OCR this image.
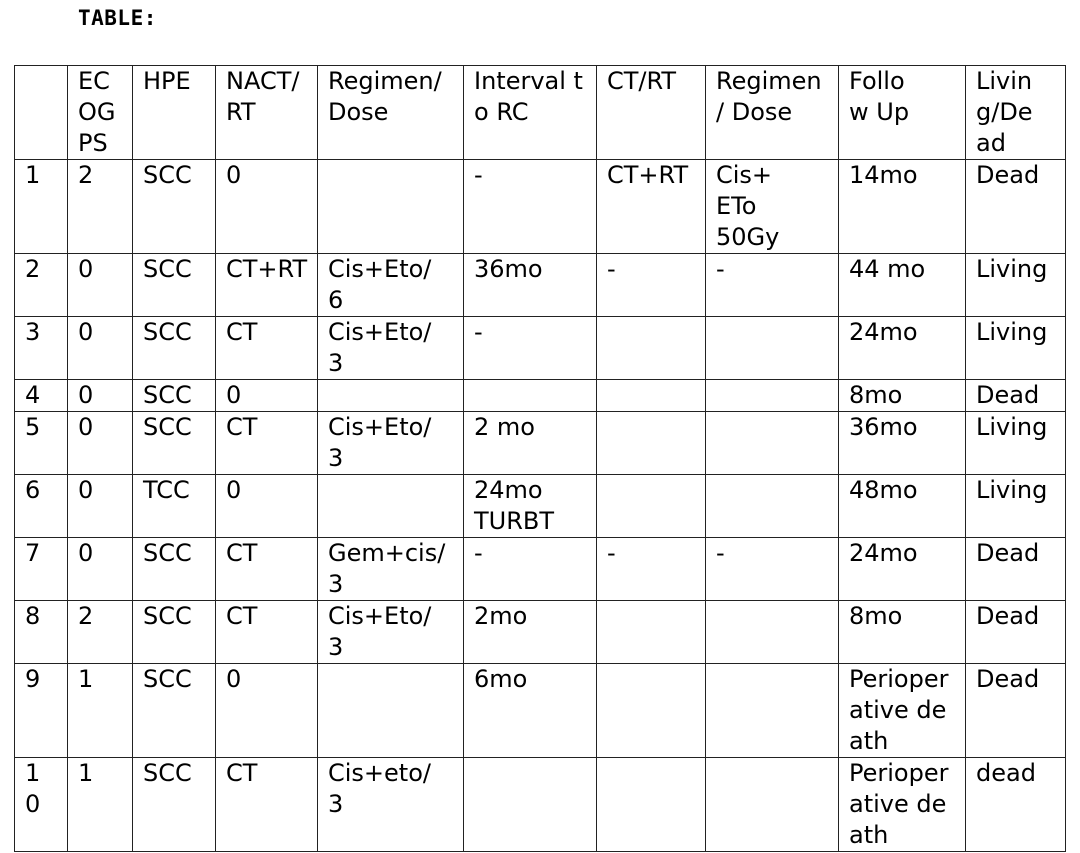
TABLE:

	ECOGPS	HPE	NACT/RT	Regimen/Dose	Interval to RC	CT/RT	Regimen / Dose	Follow Up	Living/Dead

1	2	SCC	0		-	CT+RT	Cis+ ETo 50Gy	14mo	Dead
2	0	SCC	CT+RT	Cis+Eto/6	36mo	-	-	44 mo	Living
3	0	SCC	CT	Cis+Eto/3	-			24mo	Living
4	0	SCC	0					8mo	Dead
5	0	SCC	CT	Cis+Eto/3	2 mo			36mo	Living
6	0	TCC	0		24mo TURBT			48mo	Living
7	0	SCC	CT	Gem+cis/3	-	-	-	24mo	Dead
8	2	SCC	CT	Cis+Eto/3	2mo			8mo	Dead
9	1	SCC	0		6mo			Perioperative death	Dead

10	1	SCC	CT	Cis+eto/3				Perioperative death	dead
